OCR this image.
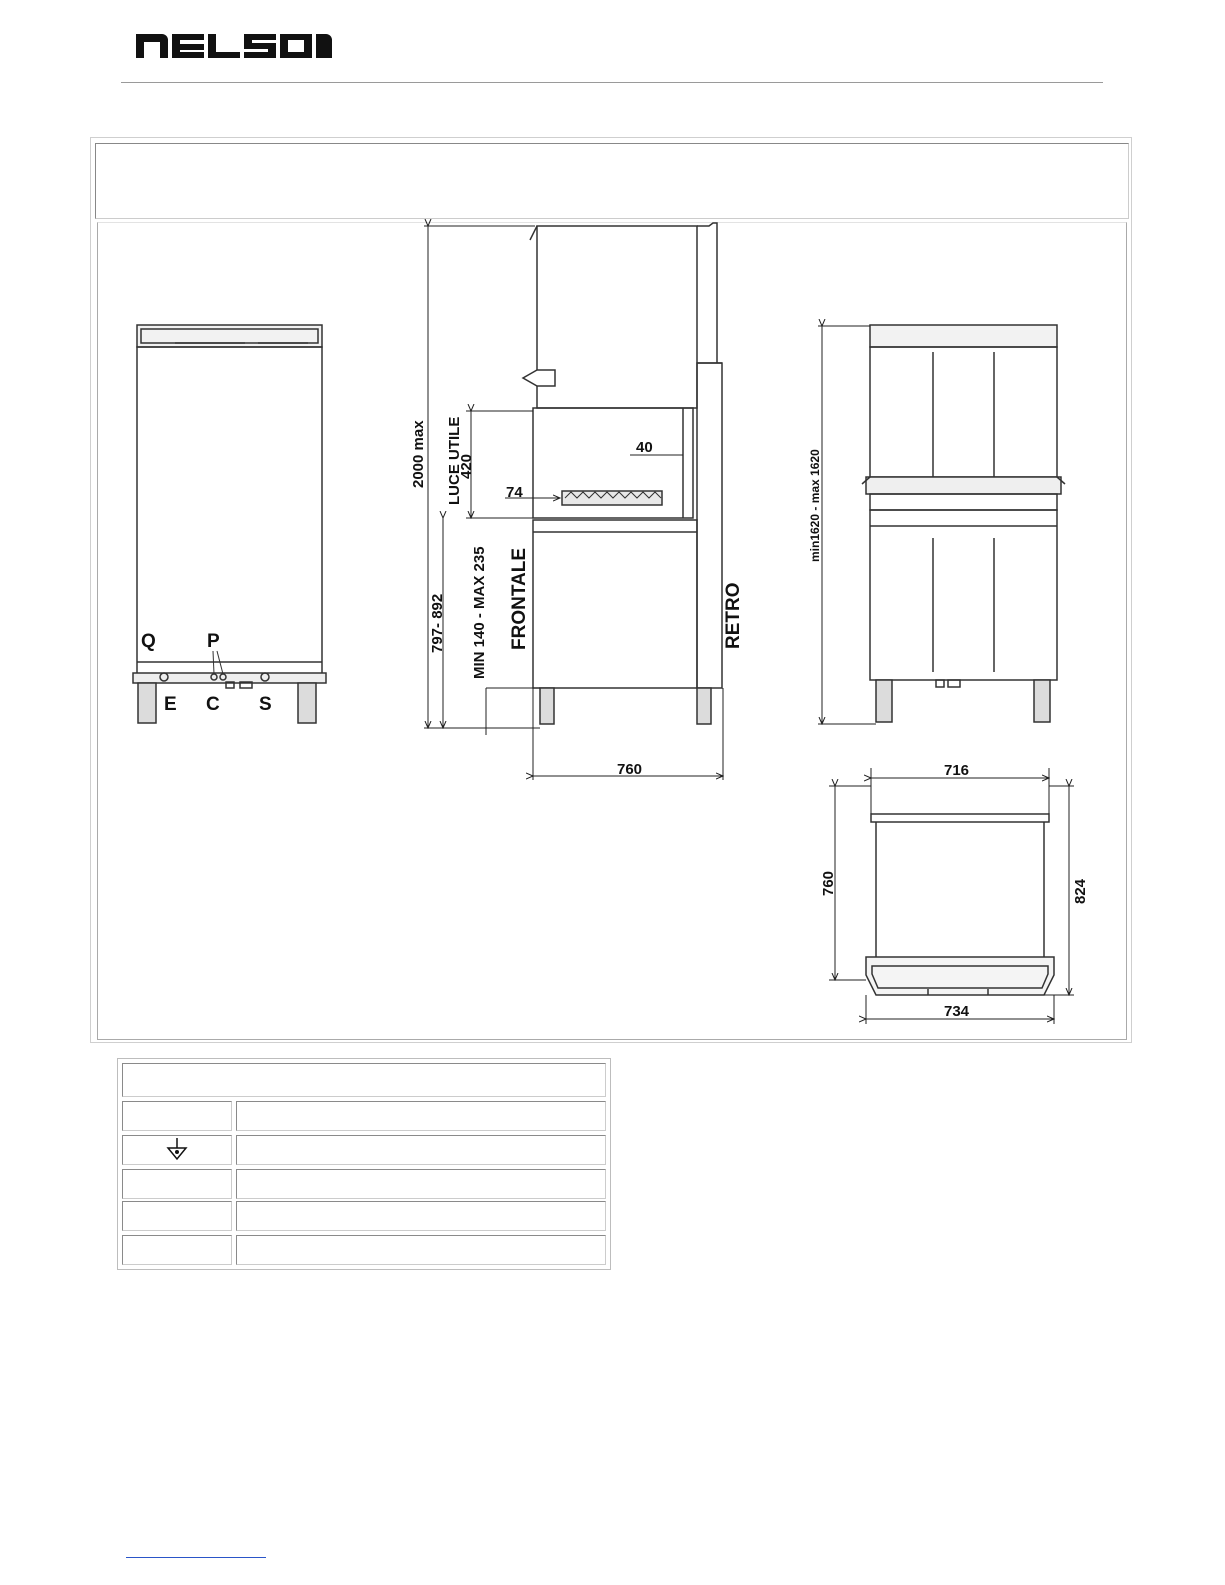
NELSON
Q	P
E C S
2000 max LUCE UTILE
420
40
74
797- 892 MIN 140 - MAX 235 FRONTALE	RETRO
760
min1620 - max 1620
716
760	824
734
